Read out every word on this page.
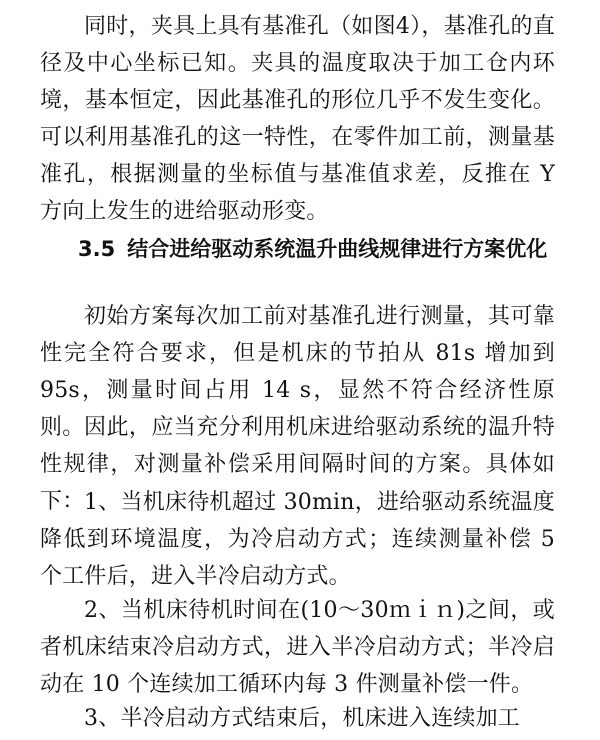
同时，夹具上具有基准孔（如图4），基准孔的直径及中心坐标已知。夹具的温度取决于加工仓内环境，基本恒定，因此基准孔的形位几乎不发生变化。可以利用基准孔的这一特性，在零件加工前，测量基准孔，根据测量的坐标值与基准值求差，反推在 Y 方向上发生的进给驱动形变。

3.5 结合进给驱动系统温升曲线规律进行方案优化

初始方案每次加工前对基准孔进行测量，其可靠性完全符合要求，但是机床的节拍从 81s 增加到 95s，测量时间占用 14 s，显然不符合经济性原则。 因此，应当充分利用机床进给驱动系统的温升特性规律，对测量补偿采用间隔时间的方案。具体如下： 1、当机床待机超过 30min，进给驱动系统温度降低到环境温度，为冷启动方式；连续测量补偿 5 个工件后，进入半冷启动方式。

2、当机床待机时间在(10～30ｍｉｎ)之间，或者机床结束冷启动方式，进入半冷启动方式；半冷启动在 10 个连续加工循环内每 3 件测量补偿一件。

3、半冷启动方式结束后，机床进入连续加工
